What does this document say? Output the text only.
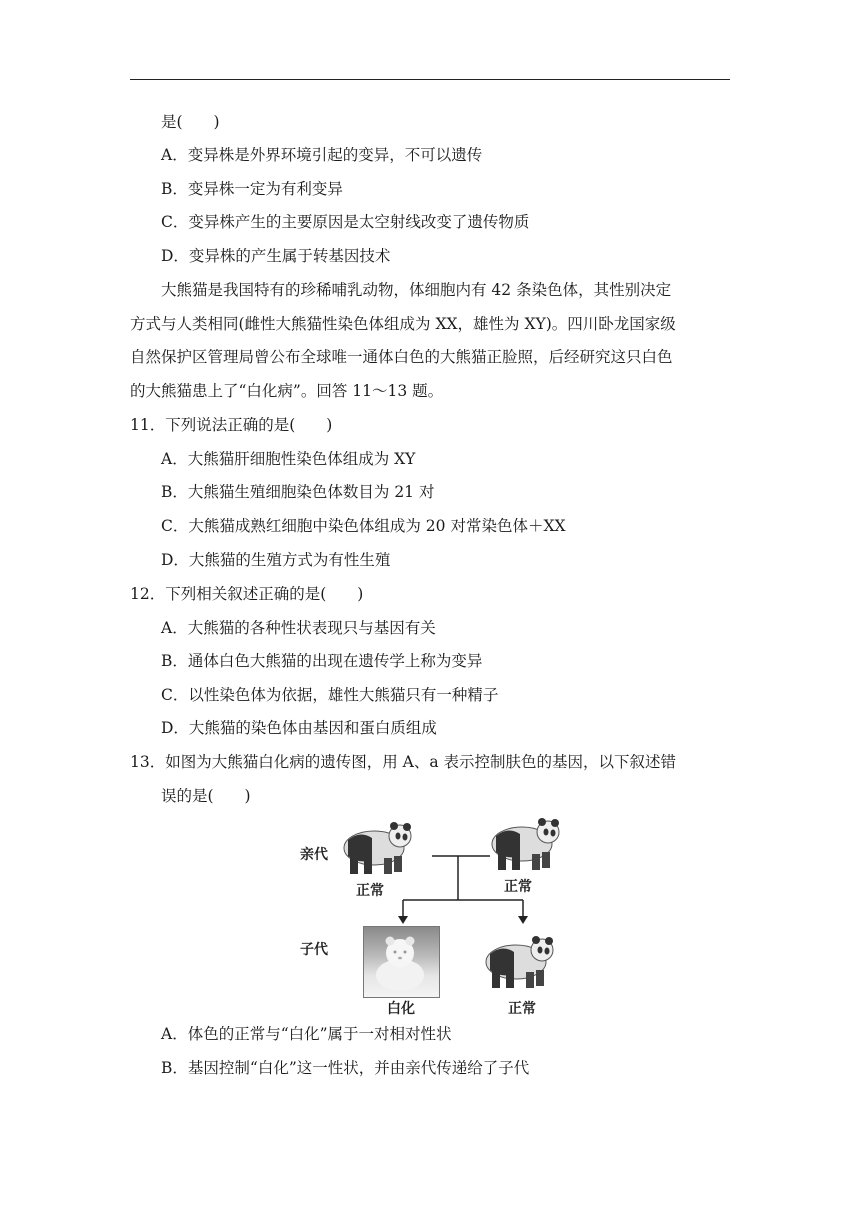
是(　　)
A．变异株是外界环境引起的变异，不可以遗传
B．变异株一定为有利变异
C．变异株产生的主要原因是太空射线改变了遗传物质
D．变异株的产生属于转基因技术
大熊猫是我国特有的珍稀哺乳动物，体细胞内有 42 条染色体，其性别决定
方式与人类相同(雌性大熊猫性染色体组成为 XX，雄性为 XY)。四川卧龙国家级
自然保护区管理局曾公布全球唯一通体白色的大熊猫正脸照，后经研究这只白色
的大熊猫患上了“白化病”。回答 11～13 题。
11．下列说法正确的是(　　)
A．大熊猫肝细胞性染色体组成为 XY
B．大熊猫生殖细胞染色体数目为 21 对
C．大熊猫成熟红细胞中染色体组成为 20 对常染色体＋XX
D．大熊猫的生殖方式为有性生殖
12．下列相关叙述正确的是(　　)
A．大熊猫的各种性状表现只与基因有关
B．通体白色大熊猫的出现在遗传学上称为变异
C．以性染色体为依据，雄性大熊猫只有一种精子
D．大熊猫的染色体由基因和蛋白质组成
13．如图为大熊猫白化病的遗传图，用 A、a 表示控制肤色的基因，以下叙述错
误的是(　　)
亲代
子代
正常	正常
白化	正常
A．体色的正常与“白化”属于一对相对性状
B．基因控制“白化”这一性状，并由亲代传递给了子代
